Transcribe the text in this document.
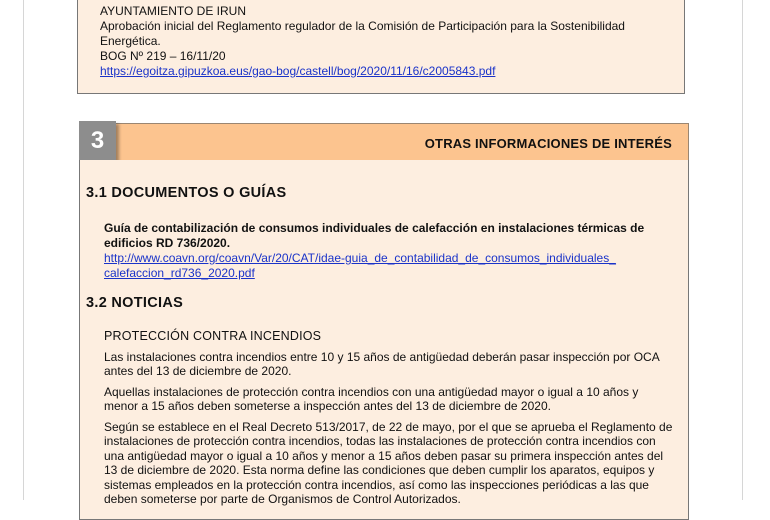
AYUNTAMIENTO DE IRUN
Aprobación inicial del Reglamento regulador de la Comisión de Participación para la Sostenibilidad Energética.
BOG Nº 219 – 16/11/20
https://egoitza.gipuzkoa.eus/gao-bog/castell/bog/2020/11/16/c2005843.pdf
OTRAS INFORMACIONES DE INTERÉS
3
3.1 DOCUMENTOS O GUÍAS
Guía de contabilización de consumos individuales de calefacción en instalaciones térmicas de edificios RD 736/2020.
http://www.coavn.org/coavn/Var/20/CAT/idae-guia_de_contabilidad_de_consumos_individuales_
calefaccion_rd736_2020.pdf
3.2 NOTICIAS
PROTECCIÓN CONTRA INCENDIOS

Las instalaciones contra incendios entre 10 y 15 años de antigüedad deberán pasar inspección por OCA antes del 13 de diciembre de 2020.

Aquellas instalaciones de protección contra incendios con una antigüedad mayor o igual a 10 años y menor a 15 años deben someterse a inspección antes del 13 de diciembre de 2020.

Según se establece en el Real Decreto 513/2017, de 22 de mayo, por el que se aprueba el Reglamento de instalaciones de protección contra incendios, todas las instalaciones de protección contra incendios con una antigüedad mayor o igual a 10 años y menor a 15 años deben pasar su primera inspección antes del 13 de diciembre de 2020. Esta norma define las condiciones que deben cumplir los aparatos, equipos y sistemas empleados en la protección contra incendios, así como las inspecciones periódicas a las que deben someterse por parte de Organismos de Control Autorizados.
